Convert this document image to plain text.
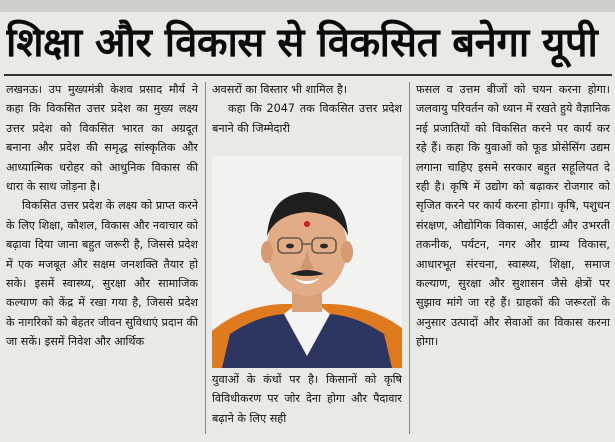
शिक्षा और विकास से विकसित बनेगा यूपी

लखनऊ। उप मुख्यमंत्री केशव प्रसाद मौर्य ने कहा कि विकसित उत्तर प्रदेश का मुख्य लक्ष्य उत्तर प्रदेश को विकसित भारत का अग्रदूत बनाना और प्रदेश की समृद्ध सांस्कृतिक और आध्यात्मिक धरोहर को आधुनिक विकास की धारा के साथ जोड़ना है।

विकसित उत्तर प्रदेश के लक्ष्य को प्राप्त करने के लिए शिक्षा, कौशल, विकास और नवाचार को बढ़ावा दिया जाना बहुत जरूरी है, जिससे प्रदेश में एक मजबूत और सक्षम जनशक्ति तैयार हो सके। इसमें स्वास्थ्य, सुरक्षा और सामाजिक कल्याण को केंद्र में रखा गया है, जिससे प्रदेश के नागरिकों को बेहतर जीवन सुविधाएं प्रदान की जा सकें। इसमें निवेश और आर्थिक

अवसरों का विस्तार भी शामिल है।

कहा कि 2047 तक विकसित उत्तर प्रदेश बनाने की जिम्मेदारी

युवाओं के कंधों पर है। किसानों को कृषि विविधीकरण पर जोर देना होगा और पैदावार बढ़ाने के लिए सही

फसल व उत्तम बीजों को चयन करना होगा। जलवायु परिवर्तन को ध्यान में रखते हुये वैज्ञानिक नई प्रजातियों को विकसित करने पर कार्य कर रहे हैं। कहा कि युवाओं को फूड प्रोसेसिंग उद्यम लगाना चाहिए इसमे सरकार बहुत सहूलियत दे रही है। कृषि में उद्योग को बढ़ाकर रोजगार को सृजित करने पर कार्य करना होगा। कृषि, पशुधन संरक्षण, औद्योगिक विकास, आईटी और उभरती तकनीक, पर्यटन, नगर और ग्राम्य विकास, आधारभूत संरचना, स्वास्थ्य, शिक्षा, समाज कल्याण, सुरक्षा और सुशासन जैसे क्षेत्रों पर सुझाव मांगे जा रहे हैं। ग्राहकों की जरूरतों के अनुसार उत्पादों और सेवाओं का विकास करना होगा।
